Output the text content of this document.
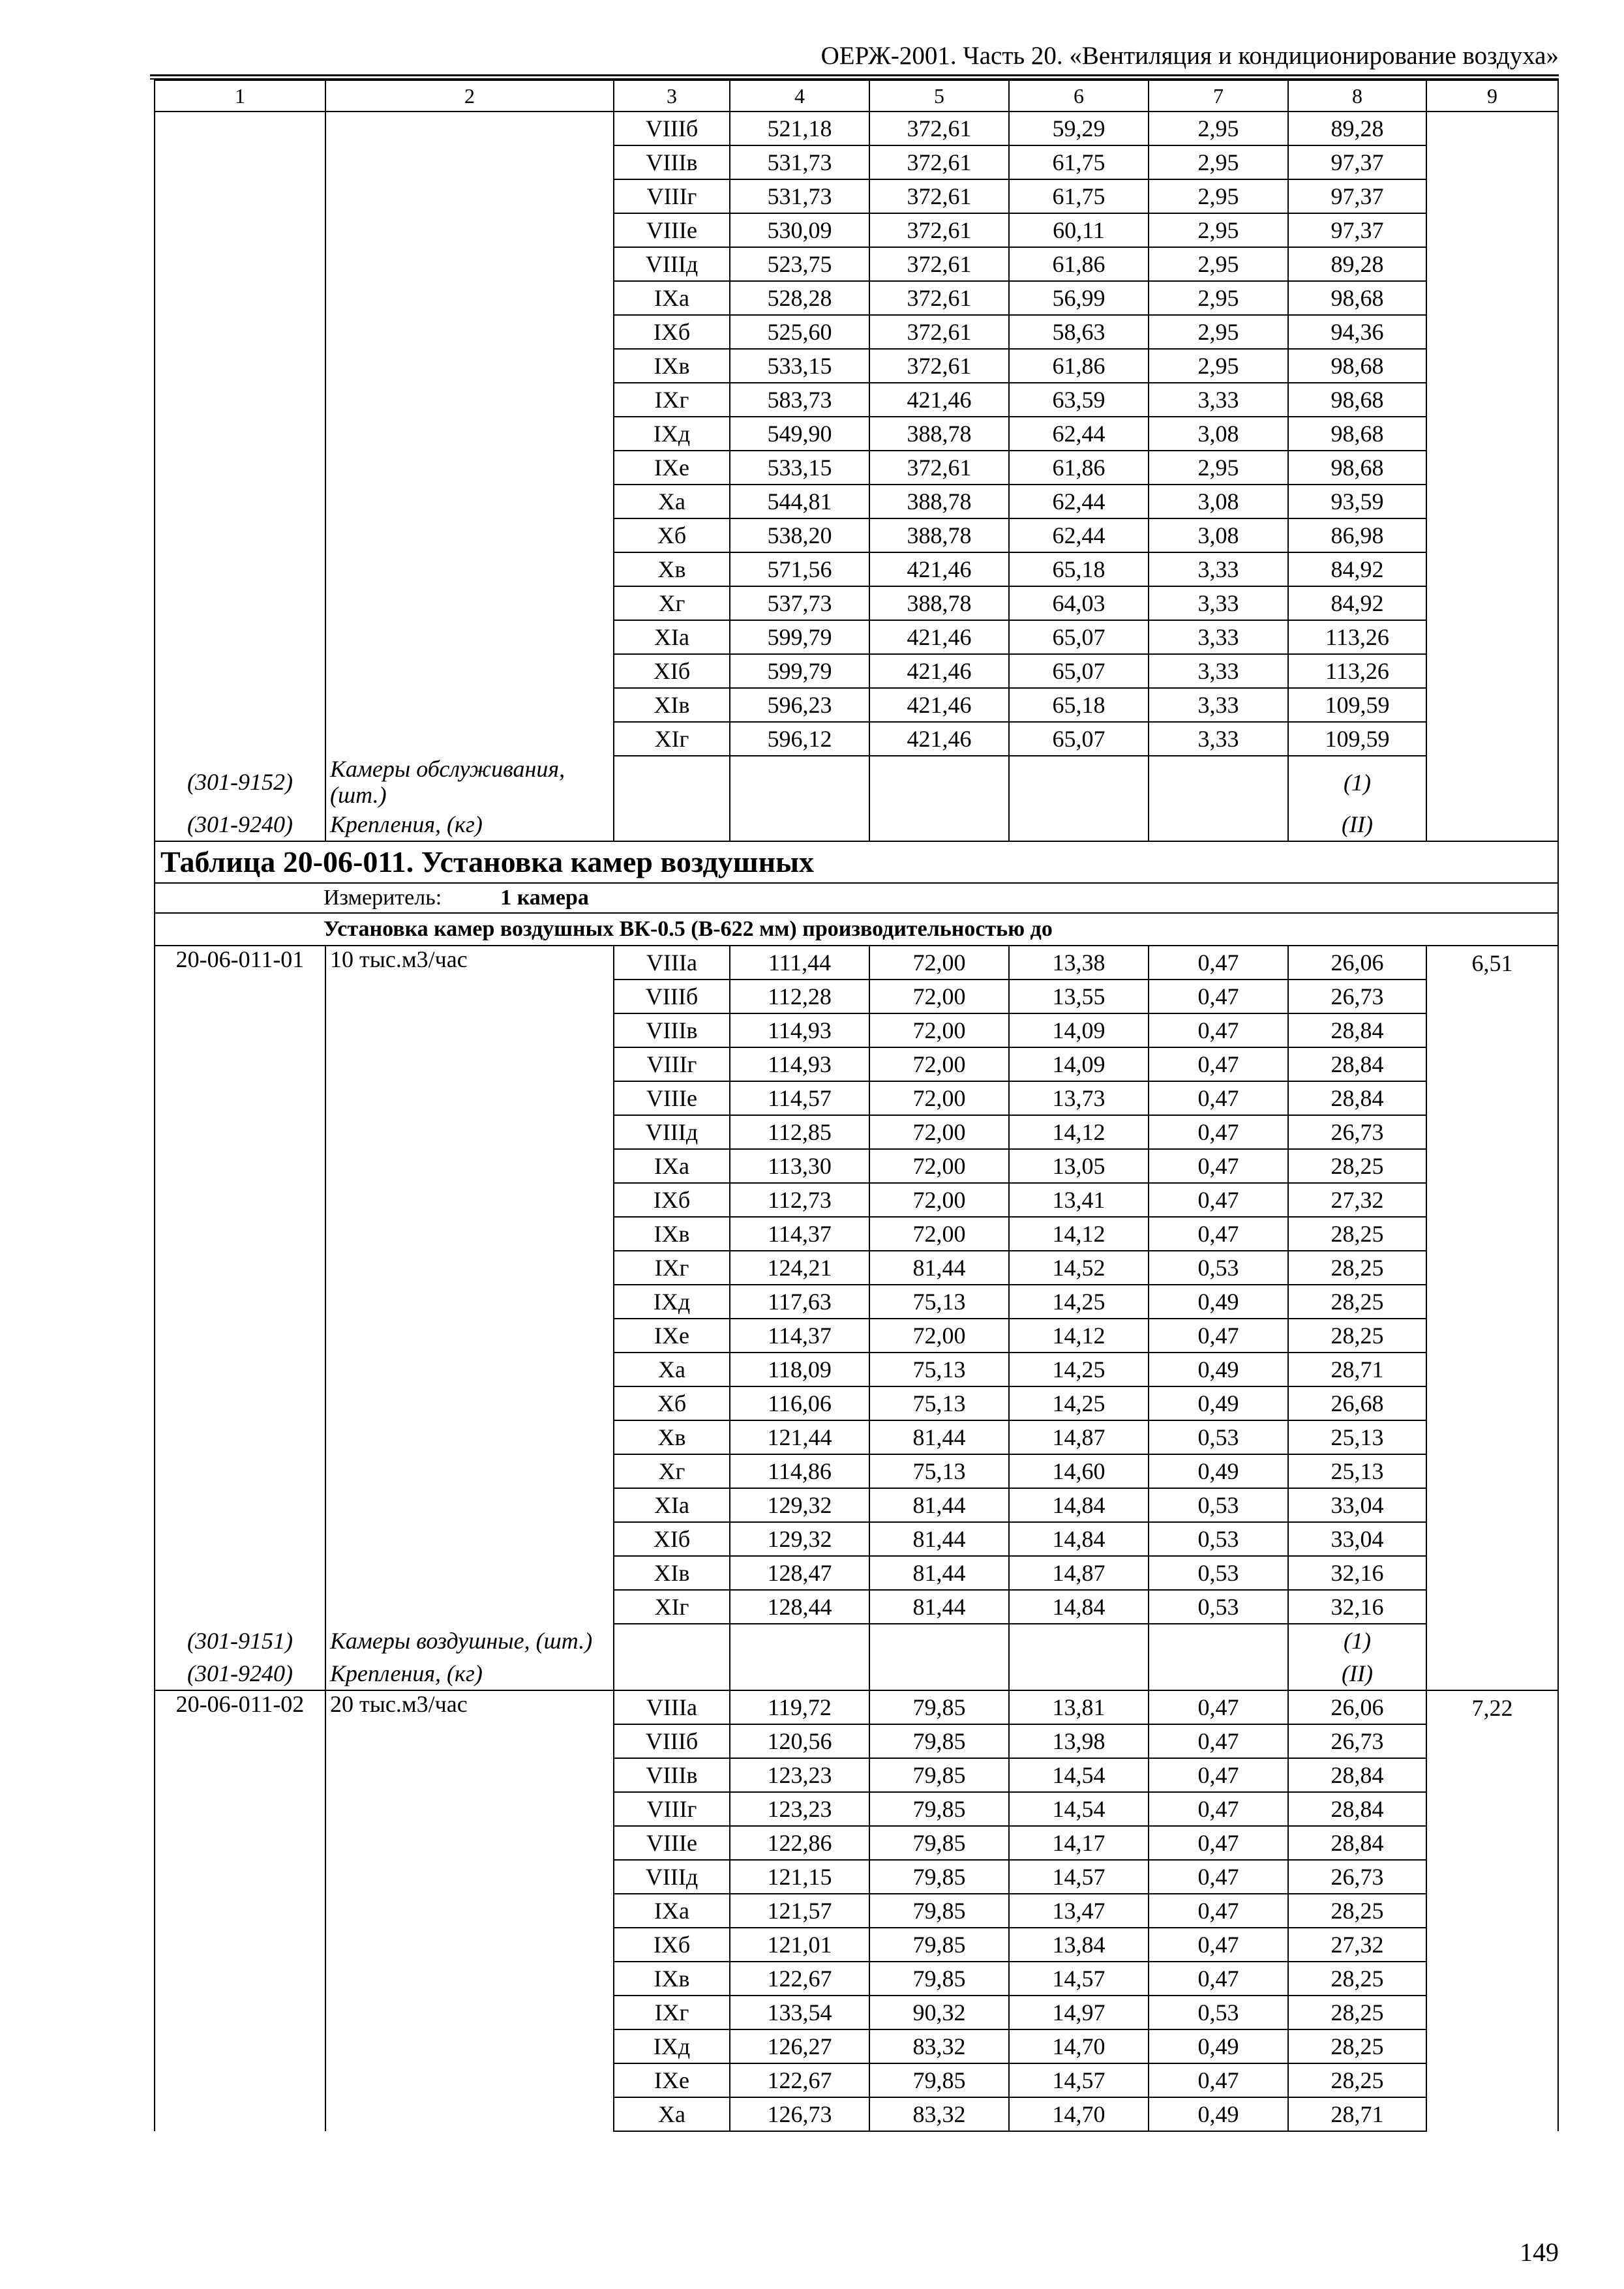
ОЕРЖ-2001. Часть 20. «Вентиляция и кондиционирование воздуха»
1	2	3	4	5	6	7	8	9
		VIIIб	521,18	372,61	59,29	2,95	89,28	
		VIIIв	531,73	372,61	61,75	2,95	97,37	
		VIIIг	531,73	372,61	61,75	2,95	97,37	
		VIIIе	530,09	372,61	60,11	2,95	97,37	
		VIIIд	523,75	372,61	61,86	2,95	89,28	
		IXа	528,28	372,61	56,99	2,95	98,68	
		IXб	525,60	372,61	58,63	2,95	94,36	
		IXв	533,15	372,61	61,86	2,95	98,68	
		IXг	583,73	421,46	63,59	3,33	98,68	
		IXд	549,90	388,78	62,44	3,08	98,68	
		IXе	533,15	372,61	61,86	2,95	98,68	
		Xа	544,81	388,78	62,44	3,08	93,59	
		Xб	538,20	388,78	62,44	3,08	86,98	
		Xв	571,56	421,46	65,18	3,33	84,92	
		Xг	537,73	388,78	64,03	3,33	84,92	
		XIа	599,79	421,46	65,07	3,33	113,26	
		XIб	599,79	421,46	65,07	3,33	113,26	
		XIв	596,23	421,46	65,18	3,33	109,59	
		XIг	596,12	421,46	65,07	3,33	109,59	
(301-9152)	Камеры обслуживания, (шт.)						(1)	
(301-9240)	Крепления, (кг)						(II)	
Таблица 20-06-011. Установка камер воздушных								
Измеритель: 1 камера								
Установка камер воздушных ВК-0.5 (В-622 мм) производительностью до								
20-06-011-01	10 тыс.м3/час	VIIIа	111,44	72,00	13,38	0,47	26,06	6,51
		VIIIб	112,28	72,00	13,55	0,47	26,73	
		VIIIв	114,93	72,00	14,09	0,47	28,84	
		VIIIг	114,93	72,00	14,09	0,47	28,84	
		VIIIе	114,57	72,00	13,73	0,47	28,84	
		VIIIд	112,85	72,00	14,12	0,47	26,73	
		IXа	113,30	72,00	13,05	0,47	28,25	
		IXб	112,73	72,00	13,41	0,47	27,32	
		IXв	114,37	72,00	14,12	0,47	28,25	
		IXг	124,21	81,44	14,52	0,53	28,25	
		IXд	117,63	75,13	14,25	0,49	28,25	
		IXе	114,37	72,00	14,12	0,47	28,25	
		Xа	118,09	75,13	14,25	0,49	28,71	
		Xб	116,06	75,13	14,25	0,49	26,68	
		Xв	121,44	81,44	14,87	0,53	25,13	
		Xг	114,86	75,13	14,60	0,49	25,13	
		XIа	129,32	81,44	14,84	0,53	33,04	
		XIб	129,32	81,44	14,84	0,53	33,04	
		XIв	128,47	81,44	14,87	0,53	32,16	
		XIг	128,44	81,44	14,84	0,53	32,16	
(301-9151)	Камеры воздушные, (шт.)						(1)	
(301-9240)	Крепления, (кг)						(II)	
20-06-011-02	20 тыс.м3/час	VIIIа	119,72	79,85	13,81	0,47	26,06	7,22
		VIIIб	120,56	79,85	13,98	0,47	26,73	
		VIIIв	123,23	79,85	14,54	0,47	28,84	
		VIIIг	123,23	79,85	14,54	0,47	28,84	
		VIIIе	122,86	79,85	14,17	0,47	28,84	
		VIIIд	121,15	79,85	14,57	0,47	26,73	
		IXа	121,57	79,85	13,47	0,47	28,25	
		IXб	121,01	79,85	13,84	0,47	27,32	
		IXв	122,67	79,85	14,57	0,47	28,25	
		IXг	133,54	90,32	14,97	0,53	28,25	
		IXд	126,27	83,32	14,70	0,49	28,25	
		IXе	122,67	79,85	14,57	0,47	28,25	
		Xа	126,73	83,32	14,70	0,49	28,71	
149
